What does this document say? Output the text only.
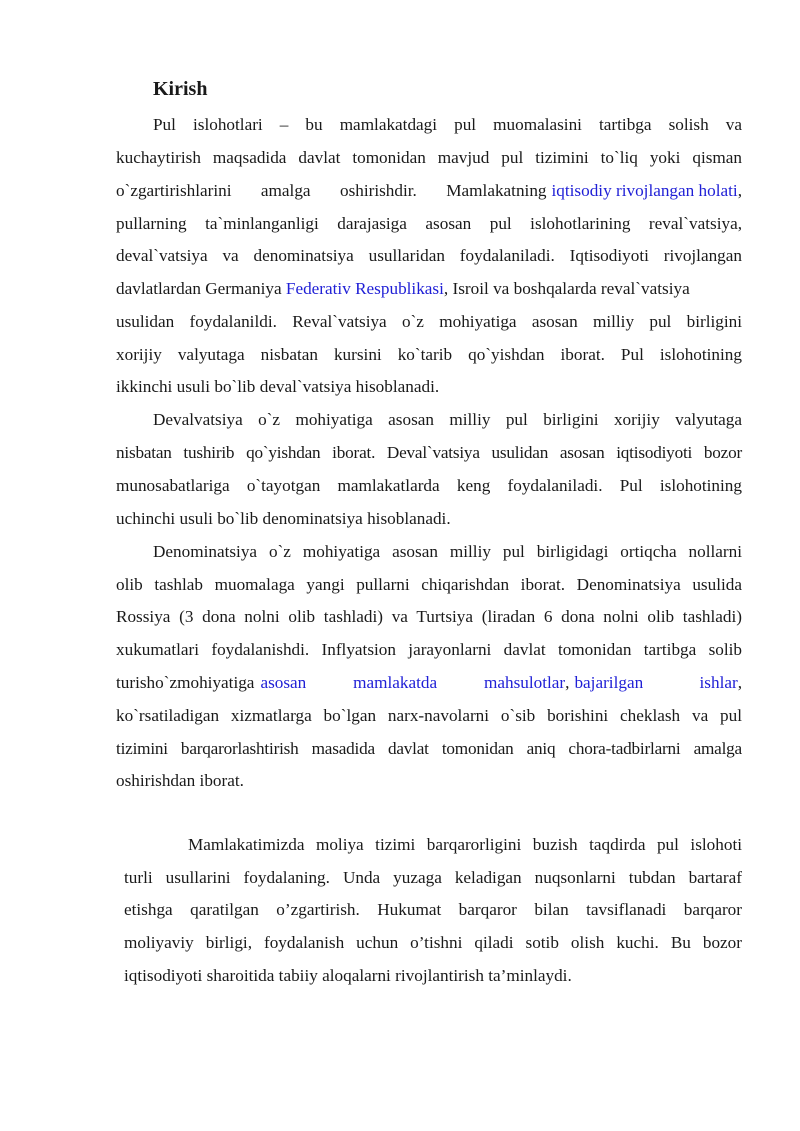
Kirish
Pul islohotlari – bu mamlakatdagi pul muomalasini tartibga solish va
kuchaytirish maqsadida davlat tomonidan mavjud pul tizimini to`liq yoki qisman
o`zgartirishlarini amalga oshirishdir. Mamlakatning iqtisodiy rivojlangan holati ,
pullarning ta`minlanganligi darajasiga asosan pul islohotlarining reval`vatsiya,
deval`vatsiya va denominatsiya usullaridan foydalaniladi. Iqtisodiyoti rivojlangan
davlatlardan Germaniya Federativ Respublikasi, Isroil va boshqalarda reval`vatsiya
usulidan foydalanildi. Reval`vatsiya o`z mohiyatiga asosan milliy pul birligini
xorijiy valyutaga nisbatan kursini ko`tarib qo`yishdan iborat. Pul islohotining
ikkinchi usuli bo`lib deval`vatsiya hisoblanadi.
Devalvatsiya o`z mohiyatiga asosan milliy pul birligini xorijiy valyutaga
nisbatan tushirib qo`yishdan iborat. Deval`vatsiya usulidan asosan iqtisodiyoti bozor
munosabatlariga o`tayotgan mamlakatlarda keng foydalaniladi. Pul islohotining
uchinchi usuli bo`lib denominatsiya hisoblanadi.
Denominatsiya o`z mohiyatiga asosan milliy pul birligidagi ortiqcha nollarni
olib tashlab muomalaga yangi pullarni chiqarishdan iborat. Denominatsiya usulida
Rossiya (3 dona nolni olib tashladi) va Turtsiya (liradan 6 dona nolni olib tashladi)
xukumatlari foydalanishdi. Inflyatsion jarayonlarni davlat tomonidan tartibga solib
turish o`z mohiyatiga asosan mamlakatda mahsulotlar , bajarilgan ishlar ,
ko`rsatiladigan xizmatlarga bo`lgan narx-navolarni o`sib borishini cheklash va pul
tizimini barqarorlashtirish masadida davlat tomonidan aniq chora-tadbirlarni amalga
oshirishdan iborat.
Mamlakatimizda moliya tizimi barqarorligini buzish taqdirda pul islohoti
turli usullarini foydalaning. Unda yuzaga keladigan nuqsonlarni tubdan bartaraf
etishga qaratilgan o’zgartirish. Hukumat barqaror bilan tavsiflanadi barqaror
moliyaviy birligi, foydalanish uchun o’tishni qiladi sotib olish kuchi. Bu bozor
iqtisodiyoti sharoitida tabiiy aloqalarni rivojlantirish ta’minlaydi.
